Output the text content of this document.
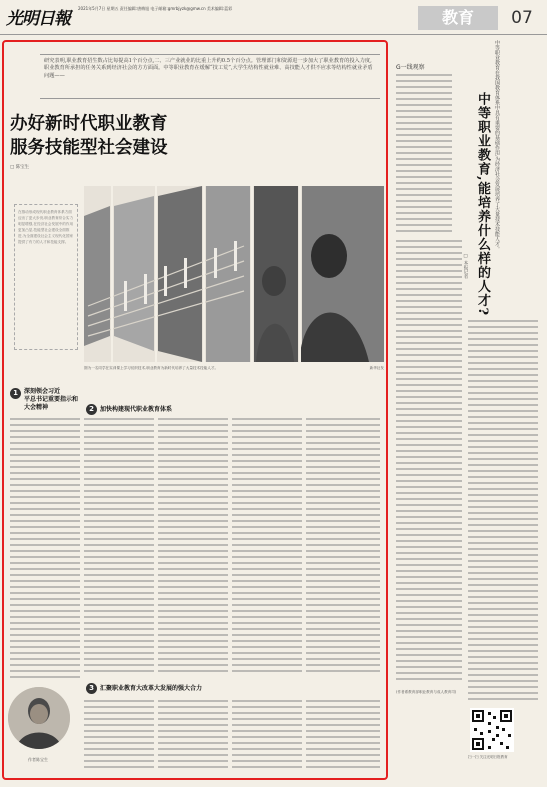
光明日報
2021年5月7日 星期五 责任编辑:唐梅旭 电子邮箱:gmrbjyzk@gmw.cn 美术编辑:蓝彩	教育	07
研究表明,职业教育招生数占比每提高1个百分点,二、三产业就业的比重上升约0.5个百分点。管理部门和资源进一步加大了职业教育的投入力度,职业教育所承担的任务关系到经济社会的方方面面。中等职业教育在缓解“技工荒”,大学生结构性就业难、高技能人才供不应求等结构性就业矛盾问题——
办好新时代职业教育
服务技能型社会建设
□ 陈宝生
在推动形成现代职业教育体系方面迈出了更大步伐,职业教育综合实力明显增强,在经济社会发展中的作用更加凸显,技能型社会建设全面推进,为全面建设社会主义现代化国家提供了有力的人才和技能支撑。
图为一名同学在实训课上学习纺织技术,职业教育为新时代培养了大量技术技能人才。	新华社发
1	深刻领会习近
平总书记重要指示和
大会精神	2	加快构建现代职业教育体系
3	汇聚职业教育大改革大发展的强大合力
作者陈宝生
G一线观察	中等职业教育在我国教育体系中具有重要的基础作用,为经济社会发展培养了大量技术技能人才。
中等职业教育,能培养什么样的人才?
□ 本报记者
(作者系教育部职业教育与成人教育司)
扫一扫 关注光明日报教育
